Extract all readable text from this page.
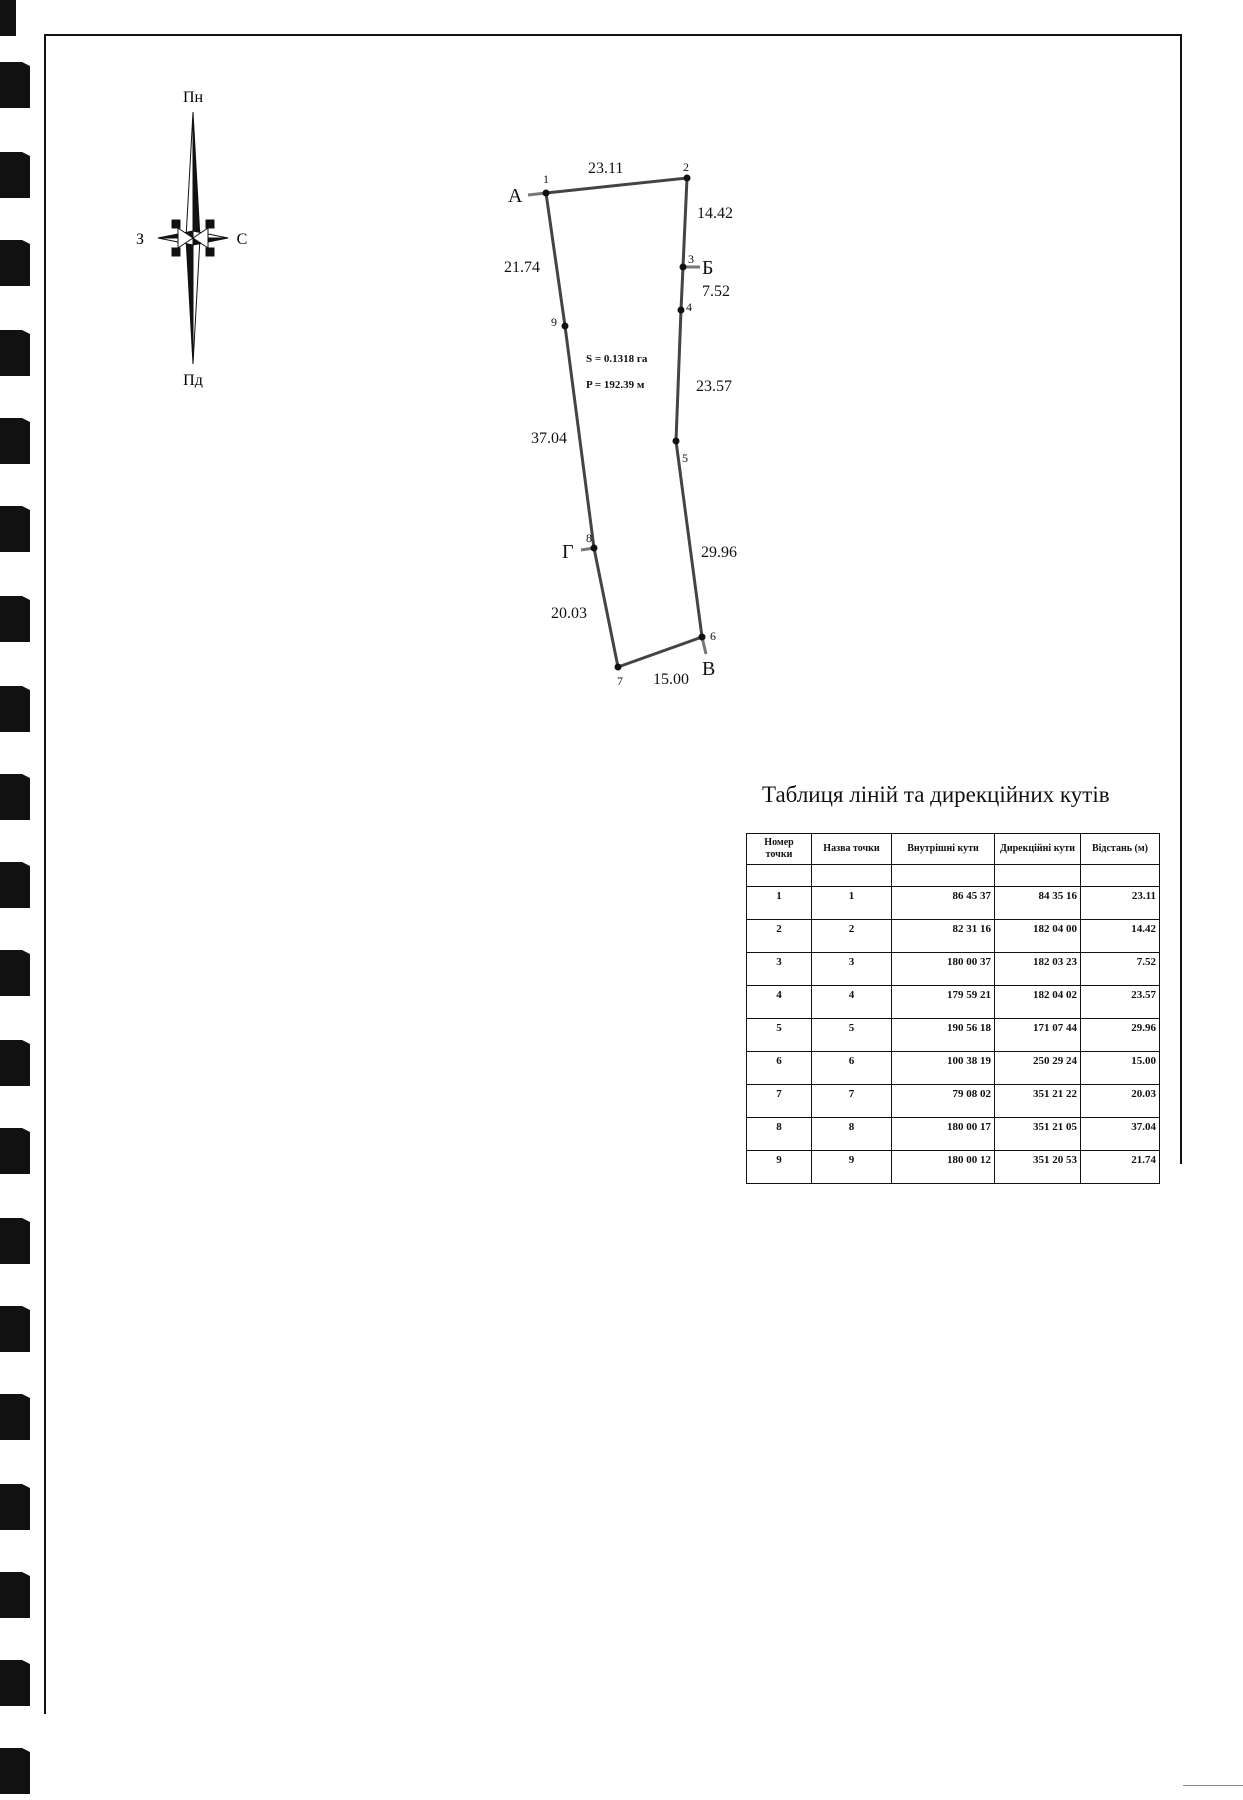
Пн
Пд
З	С
1
2
3
4
5
6
7
8
9
А
Б
В
Г
23.11
14.42
7.52
23.57
29.96
15.00
20.03
37.04
21.74
S = 0.1318 га
P = 192.39 м
Таблиця ліній та дирекційних кутів
Номер точки	Назва точки	Внутрішні кути	Дирекційні кути	Відстань (м)

1	1	86 45 37	84 35 16	23.11
2	2	82 31 16	182 04 00	14.42
3	3	180 00 37	182 03 23	7.52
4	4	179 59 21	182 04 02	23.57
5	5	190 56 18	171 07 44	29.96
6	6	100 38 19	250 29 24	15.00
7	7	79 08 02	351 21 22	20.03
8	8	180 00 17	351 21 05	37.04
9	9	180 00 12	351 20 53	21.74
